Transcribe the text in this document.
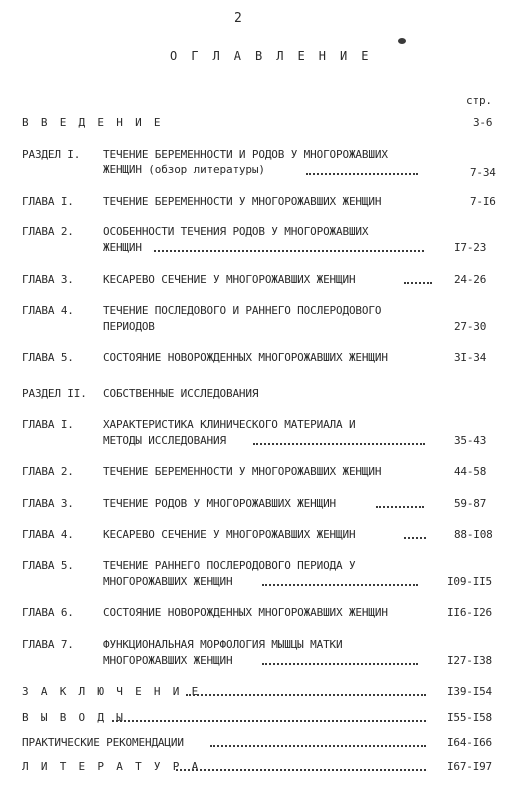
2
О Г Л А В Л Е Н И Е
стр.
В В Е Д Е Н И Е	3-6
РАЗДЕЛ I. ТЕЧЕНИЕ БЕРЕМЕННОСТИ И РОДОВ У МНОГОРОЖАВШИХ
ЖЕНЩИН (обзор литературы)	7-34
ГЛАВА I.	ТЕЧЕНИЕ БЕРЕМЕННОСТИ У МНОГОРОЖАВШИХ ЖЕНЩИН	7-I6
ГЛАВА 2.	ОСОБЕННОСТИ ТЕЧЕНИЯ РОДОВ У МНОГОРОЖАВШИХ
ЖЕНЩИН	I7-23
ГЛАВА 3.	КЕСАРЕВО СЕЧЕНИЕ У МНОГОРОЖАВШИХ ЖЕНЩИН	24-26
ГЛАВА 4.	ТЕЧЕНИЕ ПОСЛЕДОВОГО И РАННЕГО ПОСЛЕРОДОВОГО
ПЕРИОДОВ	27-30
ГЛАВА 5.	СОСТОЯНИЕ НОВОРОЖДЕННЫХ МНОГОРОЖАВШИХ ЖЕНЩИН	3I-34
РАЗДЕЛ II. СОБСТВЕННЫЕ ИССЛЕДОВАНИЯ
ГЛАВА I.	ХАРАКТЕРИСТИКА КЛИНИЧЕСКОГО МАТЕРИАЛА И
МЕТОДЫ ИССЛЕДОВАНИЯ	35-43
ГЛАВА 2.	ТЕЧЕНИЕ БЕРЕМЕННОСТИ У МНОГОРОЖАВШИХ ЖЕНЩИН	44-58
ГЛАВА 3.	ТЕЧЕНИЕ РОДОВ У МНОГОРОЖАВШИХ ЖЕНЩИН	59-87
ГЛАВА 4.	КЕСАРЕВО СЕЧЕНИЕ У МНОГОРОЖАВШИХ ЖЕНЩИН	88-I08
ГЛАВА 5.	ТЕЧЕНИЕ РАННЕГО ПОСЛЕРОДОВОГО ПЕРИОДА У
МНОГОРОЖАВШИХ ЖЕНЩИН	I09-II5
ГЛАВА 6.	СОСТОЯНИЕ НОВОРОЖДЕННЫХ МНОГОРОЖАВШИХ ЖЕНЩИН	II6-I26
ГЛАВА 7.	ФУНКЦИОНАЛЬНАЯ МОРФОЛОГИЯ МЫШЦЫ МАТКИ
МНОГОРОЖАВШИХ ЖЕНЩИН	I27-I38
З А К Л Ю Ч Е Н И Е	I39-I54
В Ы В О Д Ы	I55-I58
ПРАКТИЧЕСКИЕ РЕКОМЕНДАЦИИ	I64-I66
Л И Т Е Р А Т У Р А	I67-I97
